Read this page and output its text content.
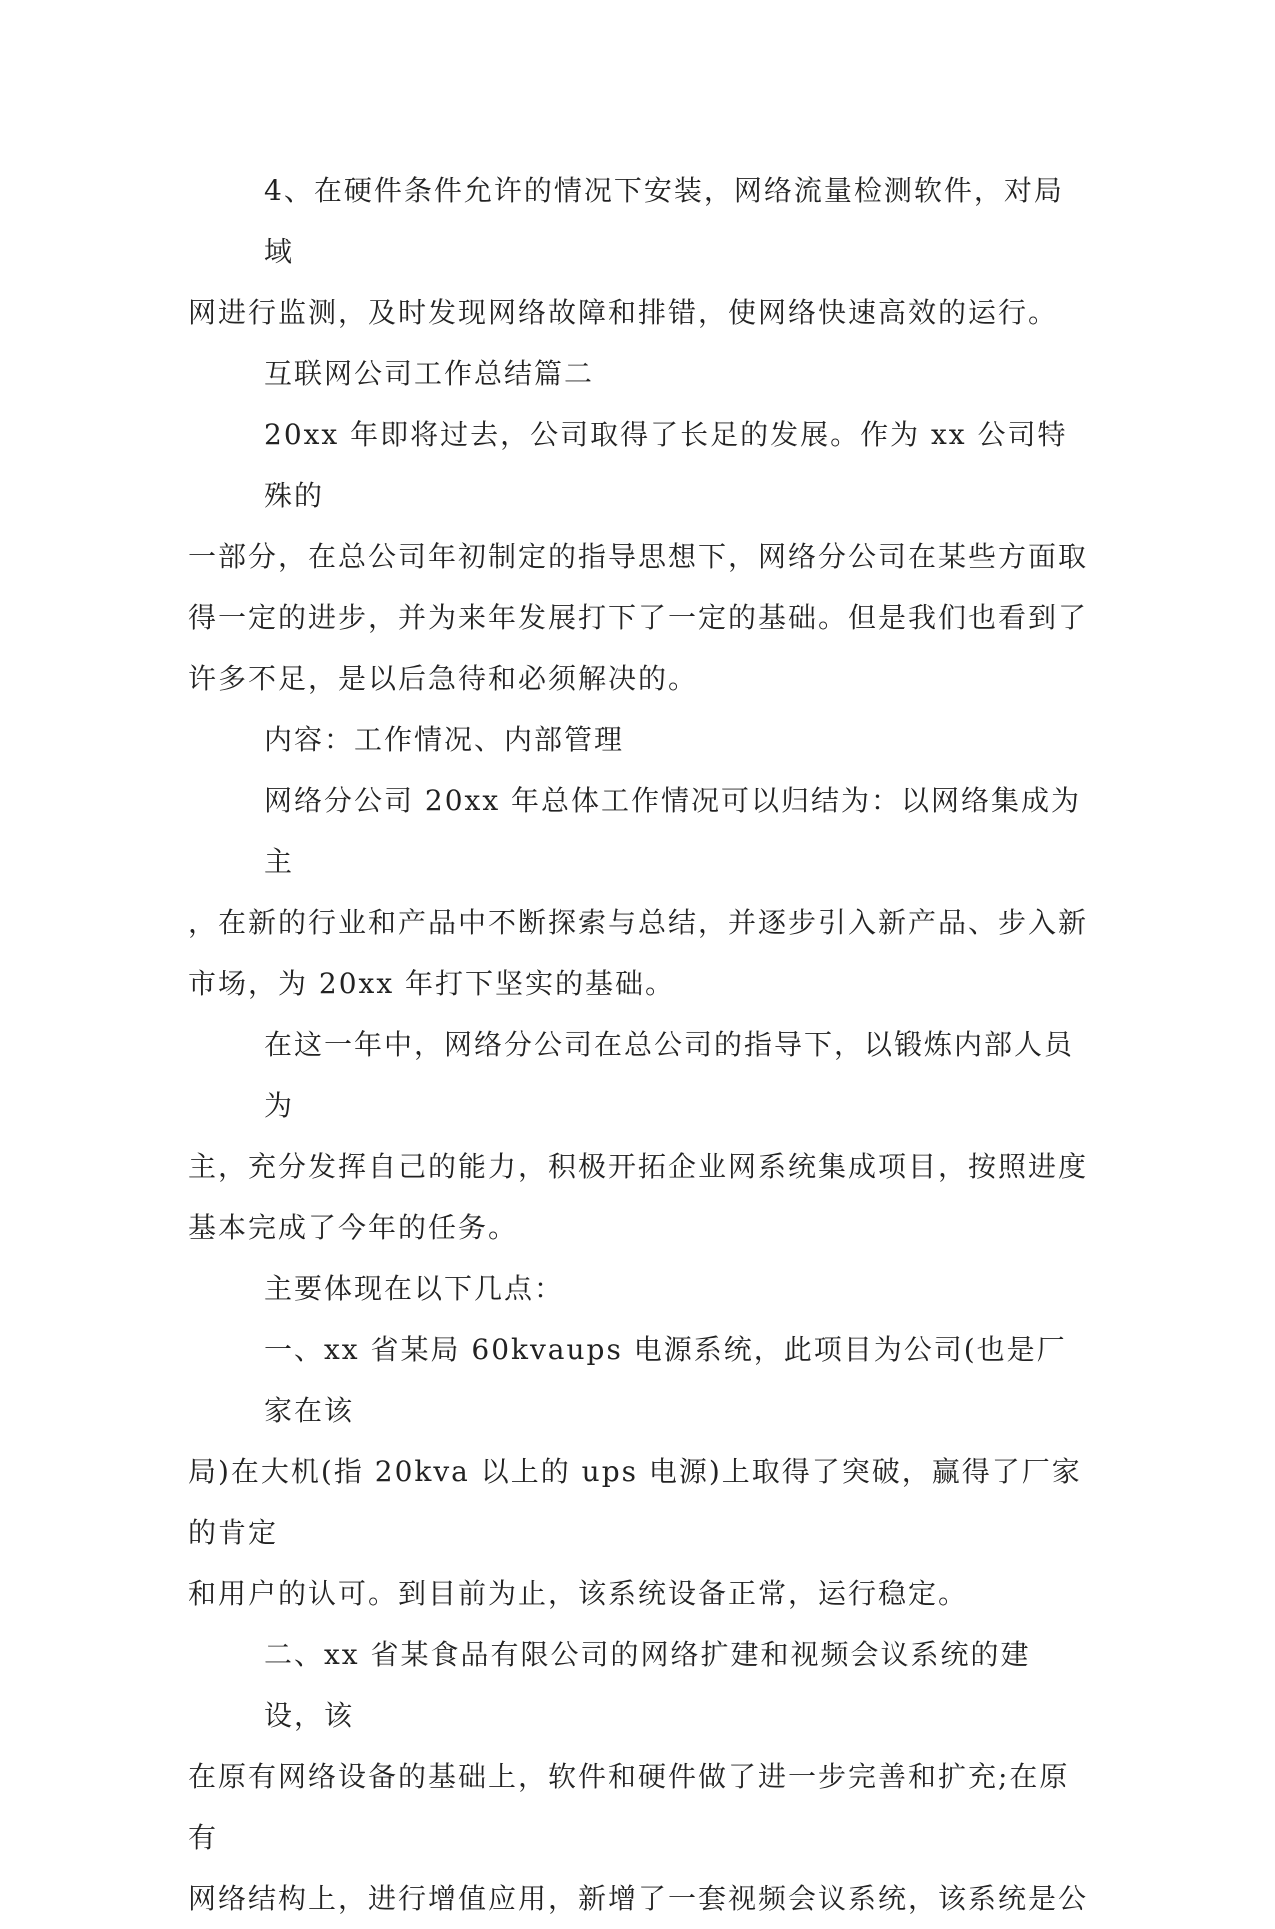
4、在硬件条件允许的情况下安装，网络流量检测软件，对局域
网进行监测，及时发现网络故障和排错，使网络快速高效的运行。

互联网公司工作总结篇二

20xx 年即将过去，公司取得了长足的发展。作为 xx 公司特殊的
一部分，在总公司年初制定的指导思想下，网络分公司在某些方面取
得一定的进步，并为来年发展打下了一定的基础。但是我们也看到了
许多不足，是以后急待和必须解决的。

内容：工作情况、内部管理

网络分公司 20xx 年总体工作情况可以归结为：以网络集成为主
，在新的行业和产品中不断探索与总结，并逐步引入新产品、步入新
市场，为 20xx 年打下坚实的基础。

在这一年中，网络分公司在总公司的指导下，以锻炼内部人员为
主，充分发挥自己的能力，积极开拓企业网系统集成项目，按照进度
基本完成了今年的任务。

主要体现在以下几点：

一、xx 省某局 60kvaups 电源系统，此项目为公司(也是厂家在该
局)在大机(指 20kva 以上的 ups 电源)上取得了突破，赢得了厂家的肯定
和用户的认可。到目前为止，该系统设备正常，运行稳定。

二、xx 省某食品有限公司的网络扩建和视频会议系统的建设，该
在原有网络设备的基础上，软件和硬件做了进一步完善和扩充;在原有
网络结构上，进行增值应用，新增了一套视频会议系统，该系统是公
